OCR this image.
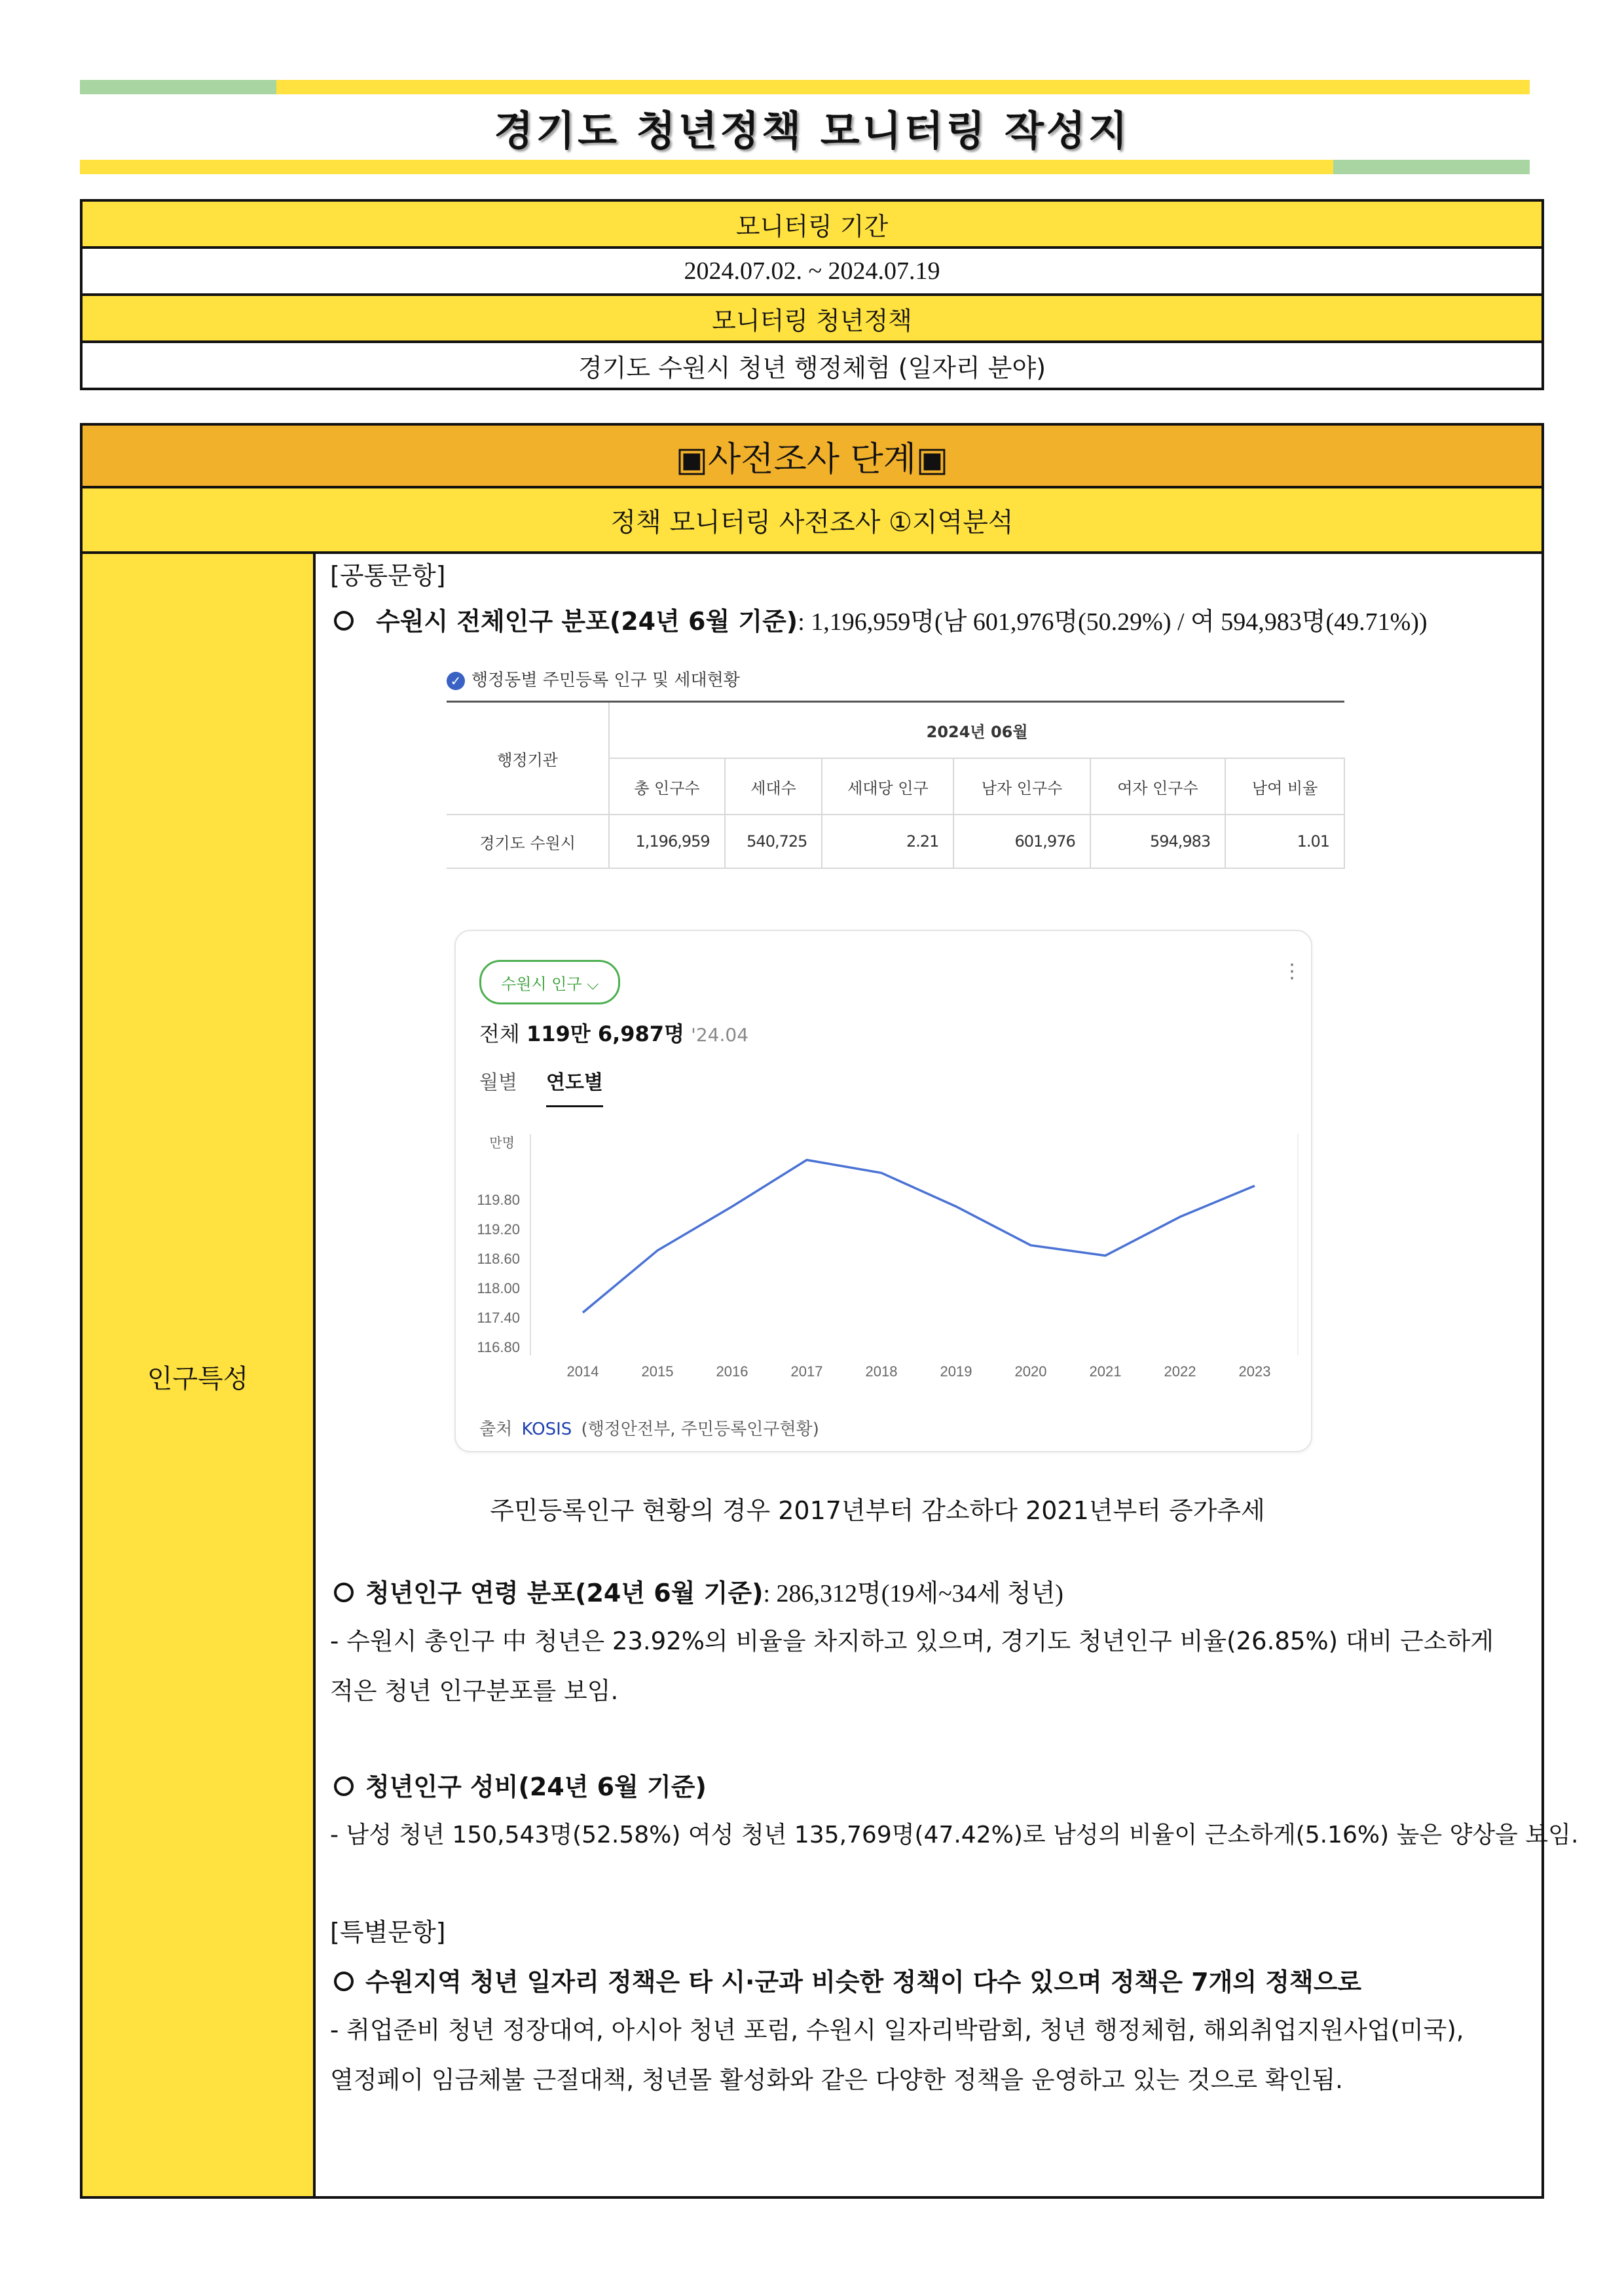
경기도 청년정책 모니터링 작성지
모니터링 기간
2024.07.02. ~ 2024.07.19
모니터링 청년정책
경기도 수원시 청년 행정체험 (일자리 분야)
▣사전조사 단계▣
정책 모니터링 사전조사 ①지역분석
인구특성
[공통문항]
수원시 전체인구 분포(24년 6월 기준): 1,196,959명(남 601,976명(50.29%) / 여 594,983명(49.71%))
✓ 행정동별 주민등록 인구 및 세대현황
행정기관	2024년 06월					
	총 인구수	세대수	세대당 인구	남자 인구수	여자 인구수	남여 비율
경기도 수원시	1,196,959	540,725	2.21	601,976	594,983	1.01
수원시 인구 ⌵
⋮
전체 119만 6,987명 '24.04
월별 연도별
만명
119.80
119.20
118.60
118.00
117.40
116.80
2014	2015	2016	2017	2018	2019	2020	2021	2022	2023
출처 KOSIS (행정안전부, 주민등록인구현황)
주민등록인구 현황의 경우 2017년부터 감소하다 2021년부터 증가추세
청년인구 연령 분포(24년 6월 기준): 286,312명(19세~34세 청년)
- 수원시 총인구 中 청년은 23.92%의 비율을 차지하고 있으며, 경기도 청년인구 비율(26.85%) 대비 근소하게
적은 청년 인구분포를 보임.
청년인구 성비(24년 6월 기준)
- 남성 청년 150,543명(52.58%) 여성 청년 135,769명(47.42%)로 남성의 비율이 근소하게(5.16%) 높은 양상을 보임.
[특별문항]
수원지역 청년 일자리 정책은 타 시·군과 비슷한 정책이 다수 있으며 정책은 7개의 정책으로
- 취업준비 청년 정장대여, 아시아 청년 포럼, 수원시 일자리박람회, 청년 행정체험, 해외취업지원사업(미국),
열정페이 임금체불 근절대책, 청년몰 활성화와 같은 다양한 정책을 운영하고 있는 것으로 확인됨.
